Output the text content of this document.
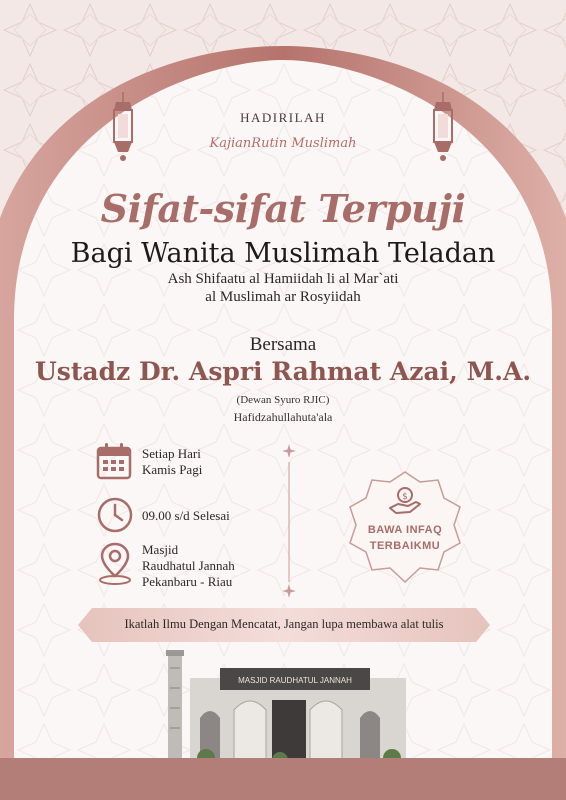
HADIRILAH
KajianRutin Muslimah
Sifat-sifat Terpuji
Bagi Wanita Muslimah Teladan
Ash Shifaatu al Hamiidah li al Mar`ati
al Muslimah ar Rosyiidah
Bersama
Ustadz Dr. Aspri Rahmat Azai, M.A.
(Dewan Syuro RJIC)
Hafidzahullahuta'ala
Setiap Hari
Kamis Pagi
09.00 s/d Selesai
Masjid
Raudhatul Jannah
Pekanbaru - Riau
$
BAWA INFAQ
TERBAIKMU
Ikatlah Ilmu Dengan Mencatat, Jangan lupa membawa alat tulis
MASJID RAUDHATUL JANNAH
